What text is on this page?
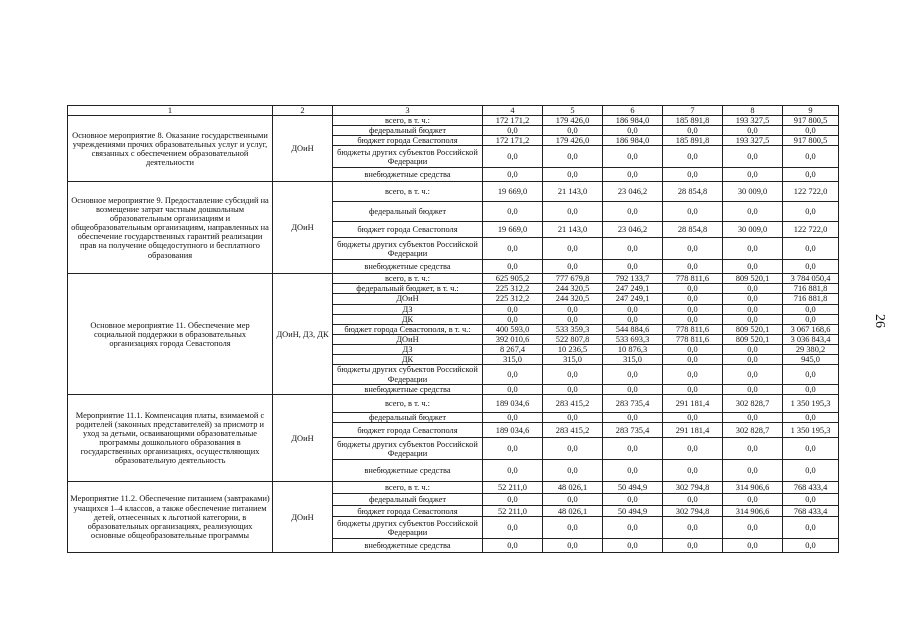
1	2	3	4	5	6	7	8	9
Основное мероприятие 8. Оказание государственными учреждениями прочих образовательных услуг и услуг, связанных с обеспечением образовательной деятельности	ДОиН	всего, в т. ч.:	172 171,2	179 426,0	186 984,0	185 891,8	193 327,5	917 800,5
		федеральный бюджет	0,0	0,0	0,0	0,0	0,0	0,0
		бюджет города Севастополя	172 171,2	179 426,0	186 984,0	185 891,8	193 327,5	917 800,5
		бюджеты других субъектов Российской Федерации	0,0	0,0	0,0	0,0	0,0	0,0
		внебюджетные средства	0,0	0,0	0,0	0,0	0,0	0,0
Основное мероприятие 9. Предоставление субсидий на возмещение затрат частным дошкольным образовательным организациям и общеобразовательным организациям, направленных на обеспечение государственных гарантий реализации прав на получение общедоступного и бесплатного образования	ДОиН	всего, в т. ч.:	19 669,0	21 143,0	23 046,2	28 854,8	30 009,0	122 722,0
		федеральный бюджет	0,0	0,0	0,0	0,0	0,0	0,0
		бюджет города Севастополя	19 669,0	21 143,0	23 046,2	28 854,8	30 009,0	122 722,0
		бюджеты других субъектов Российской Федерации	0,0	0,0	0,0	0,0	0,0	0,0
		внебюджетные средства	0,0	0,0	0,0	0,0	0,0	0,0
Основное мероприятие 11. Обеспечение мер социальной поддержки в образовательных организациях города Севастополя	ДОиН, ДЗ, ДК	всего, в т. ч.:	625 905,2	777 679,8	792 133,7	778 811,6	809 520,1	3 784 050,4
		федеральный бюджет, в т. ч.:	225 312,2	244 320,5	247 249,1	0,0	0,0	716 881,8
		ДОиН	225 312,2	244 320,5	247 249,1	0,0	0,0	716 881,8
		ДЗ	0,0	0,0	0,0	0,0	0,0	0,0
		ДК	0,0	0,0	0,0	0,0	0,0	0,0
		бюджет города Севастополя, в т. ч.:	400 593,0	533 359,3	544 884,6	778 811,6	809 520,1	3 067 168,6
		ДОиН	392 010,6	522 807,8	533 693,3	778 811,6	809 520,1	3 036 843,4
		ДЗ	8 267,4	10 236,5	10 876,3	0,0	0,0	29 380,2
		ДК	315,0	315,0	315,0	0,0	0,0	945,0
		бюджеты других субъектов Российской Федерации	0,0	0,0	0,0	0,0	0,0	0,0
		внебюджетные средства	0,0	0,0	0,0	0,0	0,0	0,0
Мероприятие 11.1. Компенсация платы, взимаемой с родителей (законных представителей) за присмотр и уход за детьми, осваивающими образовательные программы дошкольного образования в государственных организациях, осуществляющих образовательную деятельность	ДОиН	всего, в т. ч.:	189 034,6	283 415,2	283 735,4	291 181,4	302 828,7	1 350 195,3
		федеральный бюджет	0,0	0,0	0,0	0,0	0,0	0,0
		бюджет города Севастополя	189 034,6	283 415,2	283 735,4	291 181,4	302 828,7	1 350 195,3
		бюджеты других субъектов Российской Федерации	0,0	0,0	0,0	0,0	0,0	0,0
		внебюджетные средства	0,0	0,0	0,0	0,0	0,0	0,0
Мероприятие 11.2. Обеспечение питанием (завтраками) учащихся 1–4 классов, а также обеспечение питанием детей, отнесенных к льготной категории, в образовательных организациях, реализующих основные общеобразовательные программы	ДОиН	всего, в т. ч.:	52 211,0	48 026,1	50 494,9	302 794,8	314 906,6	768 433,4
		федеральный бюджет	0,0	0,0	0,0	0,0	0,0	0,0
		бюджет города Севастополя	52 211,0	48 026,1	50 494,9	302 794,8	314 906,6	768 433,4
		бюджеты других субъектов Российской Федерации	0,0	0,0	0,0	0,0	0,0	0,0
		внебюджетные средства	0,0	0,0	0,0	0,0	0,0	0,0
26
